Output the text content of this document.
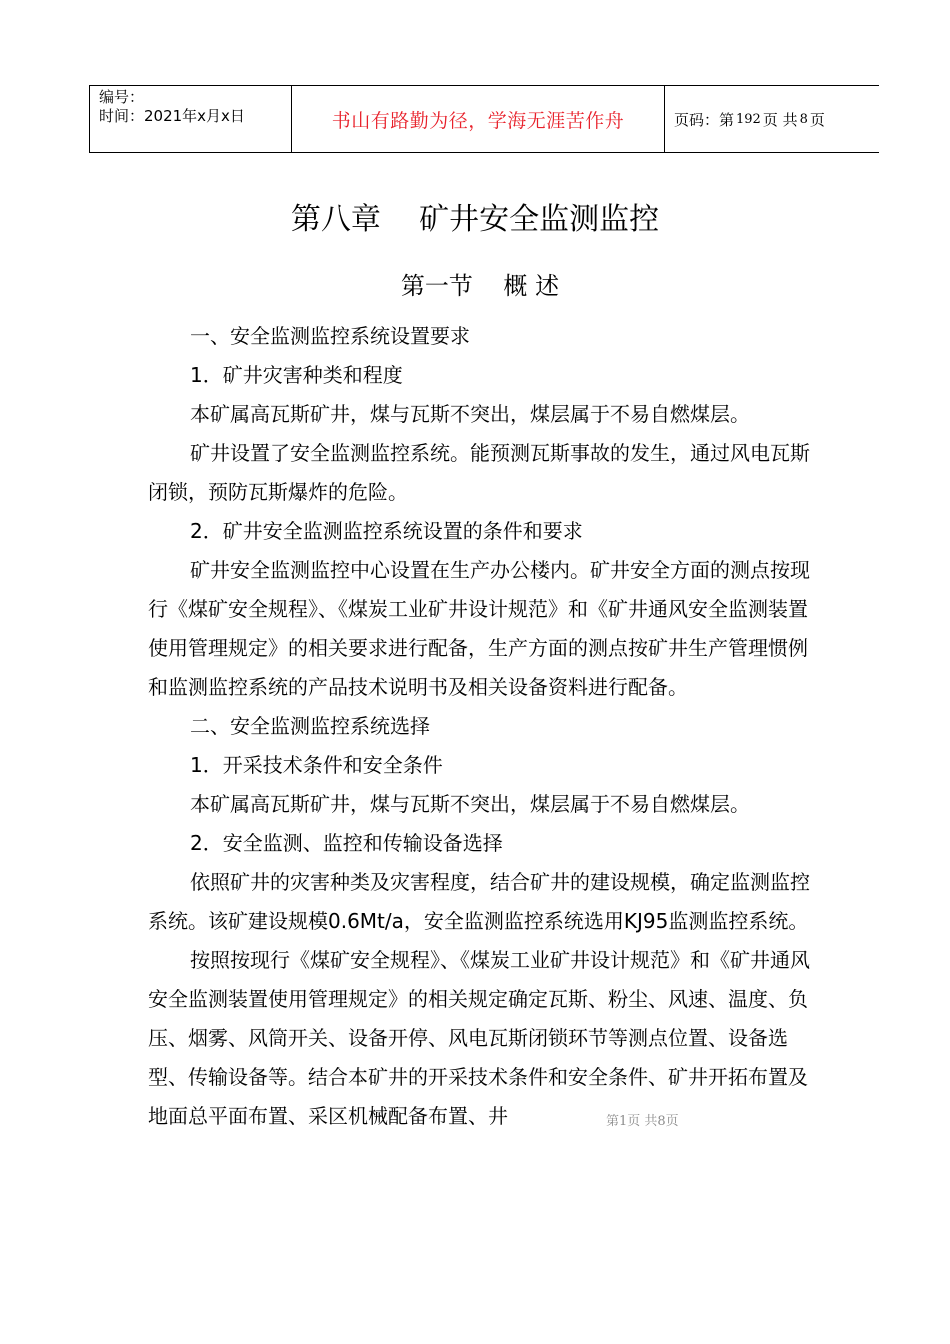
编号：
时间：2021年x月x日	书山有路勤为径，学海无涯苦作舟	页码：第 192 页 共 8 页
第八章    矿井安全监测监控
第一节    概 述

一、安全监测监控系统设置要求

1．矿井灾害种类和程度

本矿属高瓦斯矿井，煤与瓦斯不突出，煤层属于不易自燃煤层。

矿井设置了安全监测监控系统。能预测瓦斯事故的发生，通过风电瓦斯闭锁，预防瓦斯爆炸的危险。

2．矿井安全监测监控系统设置的条件和要求

矿井安全监测监控中心设置在生产办公楼内。矿井安全方面的测点按现行《煤矿安全规程》、《煤炭工业矿井设计规范》和《矿井通风安全监测装置使用管理规定》的相关要求进行配备，生产方面的测点按矿井生产管理惯例和监测监控系统的产品技术说明书及相关设备资料进行配备。

二、安全监测监控系统选择

1．开采技术条件和安全条件

本矿属高瓦斯矿井，煤与瓦斯不突出，煤层属于不易自燃煤层。

2．安全监测、监控和传输设备选择

依照矿井的灾害种类及灾害程度，结合矿井的建设规模，确定监测监控系统。该矿建设规模0.6Mt/a，安全监测监控系统选用KJ95监测监控系统。

按照按现行《煤矿安全规程》、《煤炭工业矿井设计规范》和《矿井通风安全监测装置使用管理规定》的相关规定确定瓦斯、粉尘、风速、温度、负压、烟雾、风筒开关、设备开停、风电瓦斯闭锁环节等测点位置、设备选型、传输设备等。结合本矿井的开采技术条件和安全条件、矿井开拓布置及地面总平面布置、采区机械配备布置、井	第1页 共8页
